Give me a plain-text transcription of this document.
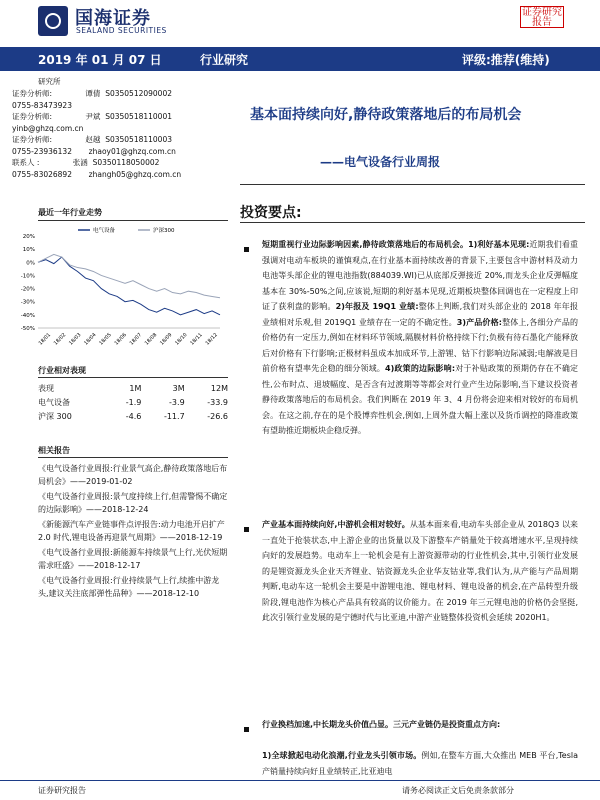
国海证券
SEALAND SECURITIES
证券研究报告
2019 年 01 月 07 日	行业研究	评级:推荐(维持)
研究所
证券分析师:	谭倩 S0350512090002
0755-83473923
证券分析师:	尹斌 S0350518110001
yinb@ghzq.com.cn
证券分析师:	赵越 S0350518110003
0755-23936132 zhaoy01@ghzq.com.cn
联系人 :	张涵 S0350118050002
0755-83026892 zhangh05@ghzq.com.cn
基本面持续向好,静待政策落地后的布局机会
——电气设备行业周报
最近一年行业走势
20%
10%
0%
-10%
-20%
-30%
-40%
-50%
18/01 18/02 18/03 18/04 18/05 18/06 18/07 18/08 18/09 18/10 18/11 18/12
电气设备	沪深300
行业相对表现
表现	1M	3M	12M
电气设备	-1.9	-3.9	-33.9
沪深 300	-4.6	-11.7	-26.6
相关报告
《电气设备行业周报:行业景气高企,静待政策落地后布局机会》——2019-01-02
《电气设备行业周报:景气度持续上行,但需警惕不确定的边际影响》——2018-12-24
《新能源汽车产业链事件点评报告:动力电池开启扩产 2.0 时代,锂电设备再迎景气周期》——2018-12-19
《电气设备行业周报:新能源车持续景气上行,光伏短期需求旺盛》——2018-12-17
《电气设备行业周报:行业持续景气上行,续推中游龙头,建议关注底部弹性品种》——2018-12-10
投资要点:
短期重视行业边际影响因素,静待政策落地后的布局机会。1)利好基本见现:近期我们看重强调对电动车板块的谨慎观点,在行业基本面持续改善的背景下,主要包含中游材料及动力电池等头部企业的锂电池指数(884039.WI)已从底部反弹接近 20%,而龙头企业反弹幅度基本在 30%-50%之间,应该说,短期的利好基本见现,近期板块整体回调也在一定程度上印证了获利盘的影响。2)年报及 19Q1 业绩:整体上判断,我们对头部企业的 2018 年年报业绩相对乐观,但 2019Q1 业绩存在一定的不确定性。3)产品价格:整体上,各细分产品的价格仍有一定压力,例如在材料环节领域,隔膜材料价格持续下行;负极有待石墨化产能释放后对价格有下行影响;正极材料虽成本加成环节,上游锂、钴下行影响边际减弱;电解液是目前价格有望率先企稳的细分领域。4)政策的边际影响:对于补贴政策的预期仍存在不确定性,公布时点、退坡幅度、是否含有过渡期等等都会对行业产生边际影响,当下建议投资者静待政策落地后的布局机会。我们判断在 2019 年 3、4 月份将会迎来相对较好的布局机会。在这之前,存在的是个股博弈性机会,例如,上周外盘大幅上涨以及货币调控的降准政策有望助推近期板块企稳反弹。
产业基本面持续向好,中游机会相对较好。从基本面来看,电动车头部企业从 2018Q3 以来一直处于抢装状态,中上游企业的出货量以及下游整车产销量处于较高增速水平,呈现持续向好的发展趋势。电动车上一轮机会是有上游资源带动的行业性机会,其中,引领行业发展的是锂资源龙头企业天齐锂业、钴资源龙头企业华友钴业等,我们认为,从产能与产品周期判断,电动车这一轮机会主要是中游锂电池、锂电材料、锂电设备的机会,在产品转型升级阶段,锂电池作为核心产品具有较高的议价能力。在 2019 年三元锂电池的价格仍会坚挺,此次引领行业发展的是宁德时代与比亚迪,中游产业链整体投资机会延续 2020H1。
行业换档加速,中长期龙头价值凸显。三元产业链仍是投资重点方向:
1)全球掀起电动化浪潮,行业龙头引领市场。例如,在整车方面,大众推出 MEB 平台,Tesla 产销量持续向好且业绩转正,比亚迪电
证券研究报告	请务必阅读正文后免责条款部分
